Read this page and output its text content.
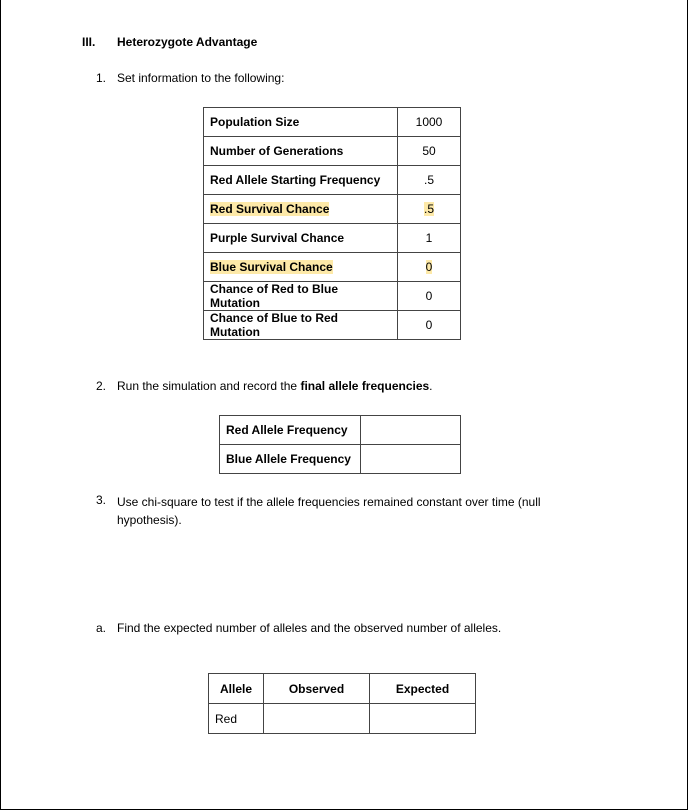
III. Heterozygote Advantage
1. Set information to the following:
Population Size	1000
Number of Generations	50
Red Allele Starting Frequency	.5
Red Survival Chance	.5
Purple Survival Chance	1
Blue Survival Chance	0
Chance of Red to Blue Mutation	0
Chance of Blue to Red Mutation	0
2. Run the simulation and record the final allele frequencies.
Red Allele Frequency	
Blue Allele Frequency	
3. Use chi-square to test if the allele frequencies remained constant over time (null
hypothesis).
a. Find the expected number of alleles and the observed number of alleles.
Allele	Observed	Expected
Red		
